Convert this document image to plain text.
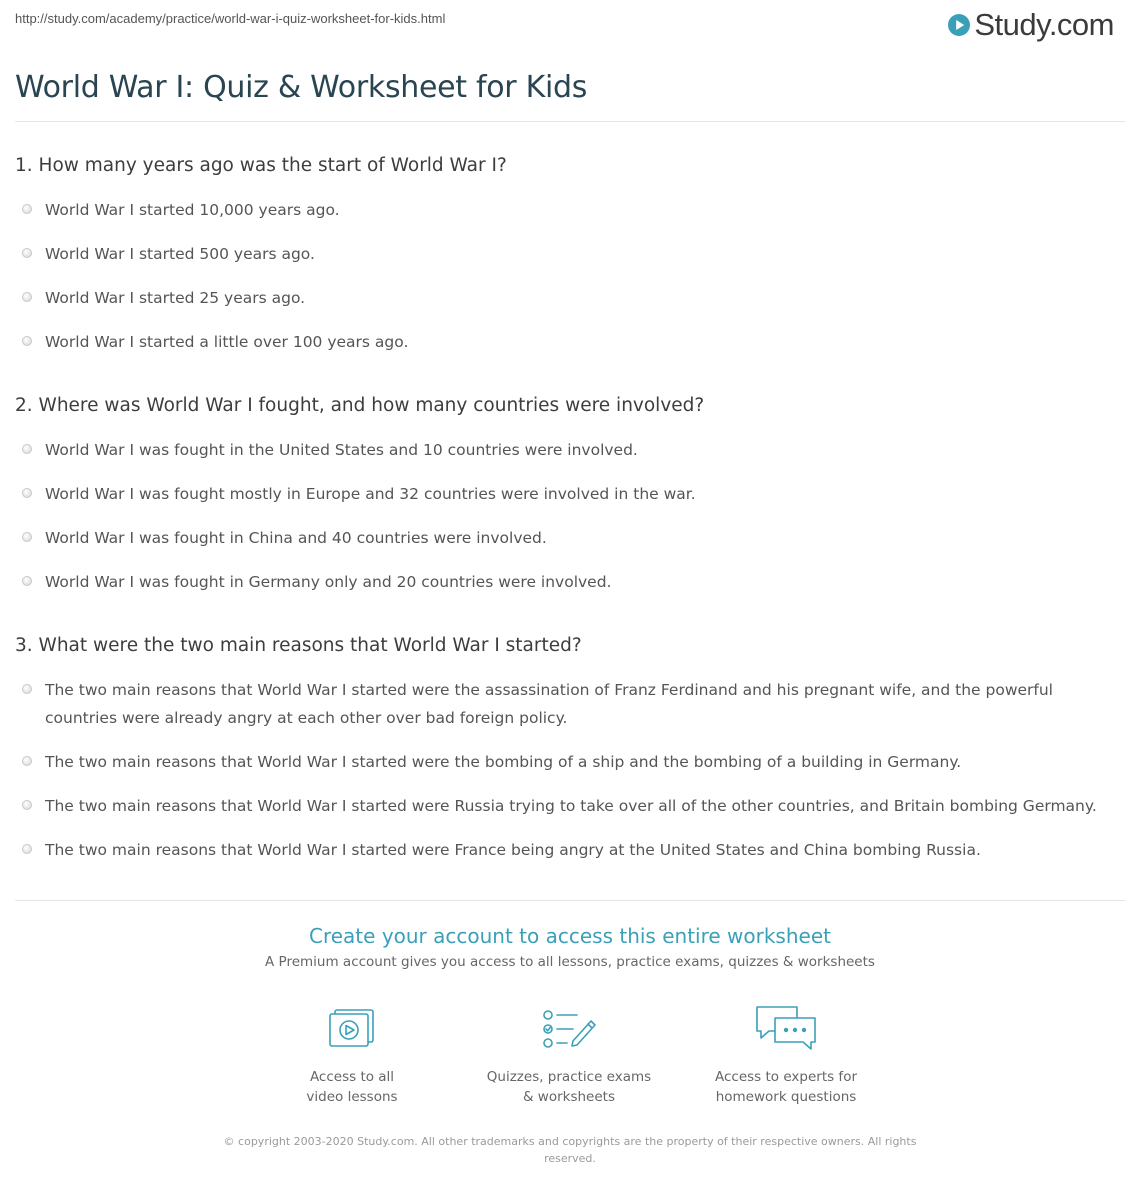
http://study.com/academy/practice/world-war-i-quiz-worksheet-for-kids.html	Study.com
World War I: Quiz & Worksheet for Kids
1. How many years ago was the start of World War I?
World War I started 10,000 years ago.
World War I started 500 years ago.
World War I started 25 years ago.
World War I started a little over 100 years ago.
2. Where was World War I fought, and how many countries were involved?
World War I was fought in the United States and 10 countries were involved.
World War I was fought mostly in Europe and 32 countries were involved in the war.
World War I was fought in China and 40 countries were involved.
World War I was fought in Germany only and 20 countries were involved.
3. What were the two main reasons that World War I started?
The two main reasons that World War I started were the assassination of Franz Ferdinand and his pregnant wife, and the powerful countries were already angry at each other over bad foreign policy.
The two main reasons that World War I started were the bombing of a ship and the bombing of a building in Germany.
The two main reasons that World War I started were Russia trying to take over all of the other countries, and Britain bombing Germany.
The two main reasons that World War I started were France being angry at the United States and China bombing Russia.
Create your account to access this entire worksheet
A Premium account gives you access to all lessons, practice exams, quizzes & worksheets
Access to all
video lessons
Quizzes, practice exams
& worksheets
Access to experts for
homework questions
© copyright 2003-2020 Study.com. All other trademarks and copyrights are the property of their respective owners. All rights
reserved.
